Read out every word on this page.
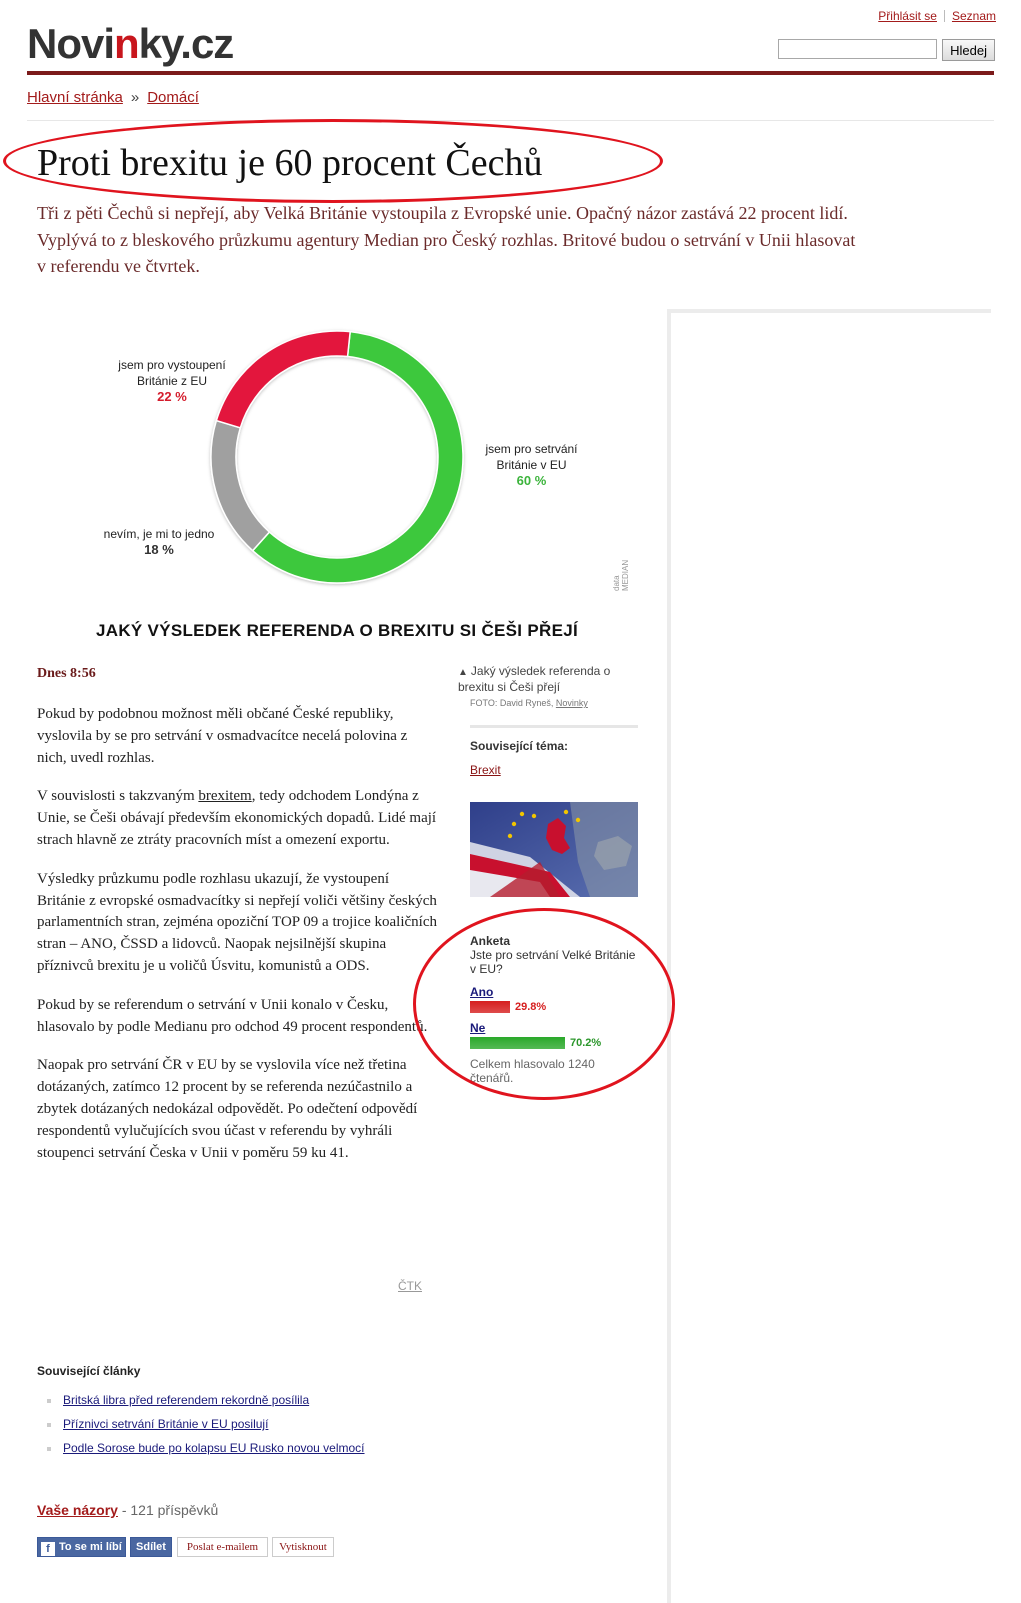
Přihlásit se Seznam
Novinky.cz	Hledej
Hlavní stránka » Domácí
Proti brexitu je 60 procent Čechů
Tři z pěti Čechů si nepřejí, aby Velká Británie vystoupila z Evropské unie. Opačný názor zastává 22 procent lidí. Vyplývá to z bleskového průzkumu agentury Median pro Český rozhlas. Britové budou o setrvání v Unii hlasovat v referendu ve čtvrtek.
jsem pro vystoupení
Británie z EU
22 %
jsem pro setrvání
Británie v EU
60 %
nevím, je mi to jedno
18 %
data MEDIAN
JAKÝ VÝSLEDEK REFERENDA O BREXITU SI ČEŠI PŘEJÍ
Dnes 8:56

Pokud by podobnou možnost měli občané České republiky, vyslovila by se pro setrvání v osmadvacítce necelá polovina z nich, uvedl rozhlas.

V souvislosti s takzvaným brexitem, tedy odchodem Londýna z Unie, se Češi obávají především ekonomických dopadů. Lidé mají strach hlavně ze ztráty pracovních míst a omezení exportu.

Výsledky průzkumu podle rozhlasu ukazují, že vystoupení Británie z evropské osmadvacítky si nepřejí voliči většiny českých parlamentních stran, zejména opoziční TOP 09 a trojice koaličních stran – ANO, ČSSD a lidovců. Naopak nejsilnější skupina příznivců brexitu je u voličů Úsvitu, komunistů a ODS.

Pokud by se referendum o setrvání v Unii konalo v Česku, hlasovalo by podle Medianu pro odchod 49 procent respondentů.

Naopak pro setrvání ČR v EU by se vyslovila více než třetina dotázaných, zatímco 12 procent by se referenda nezúčastnilo a zbytek dotázaných nedokázal odpovědět. Po odečtení odpovědí respondentů vylučujících svou účast v referendu by vyhráli stoupenci setrvání Česka v Unii v poměru 59 ku 41.

ČTK
▲ Jaký výsledek referenda o brexitu si Češi přejí
FOTO: David Ryneš, Novinky
Související téma:
Brexit
Anketa
Jste pro setrvání Velké Británie v EU?
Ano
29.8%
Ne
70.2%
Celkem hlasovalo 1240 čtenářů.
Související články
Britská libra před referendem rekordně posílila
Příznivci setrvání Británie v EU posilují
Podle Sorose bude po kolapsu EU Rusko novou velmocí
Vaše názory - 121 příspěvků
f To se mi líbí	Sdílet	Poslat e-mailem	Vytisknout
